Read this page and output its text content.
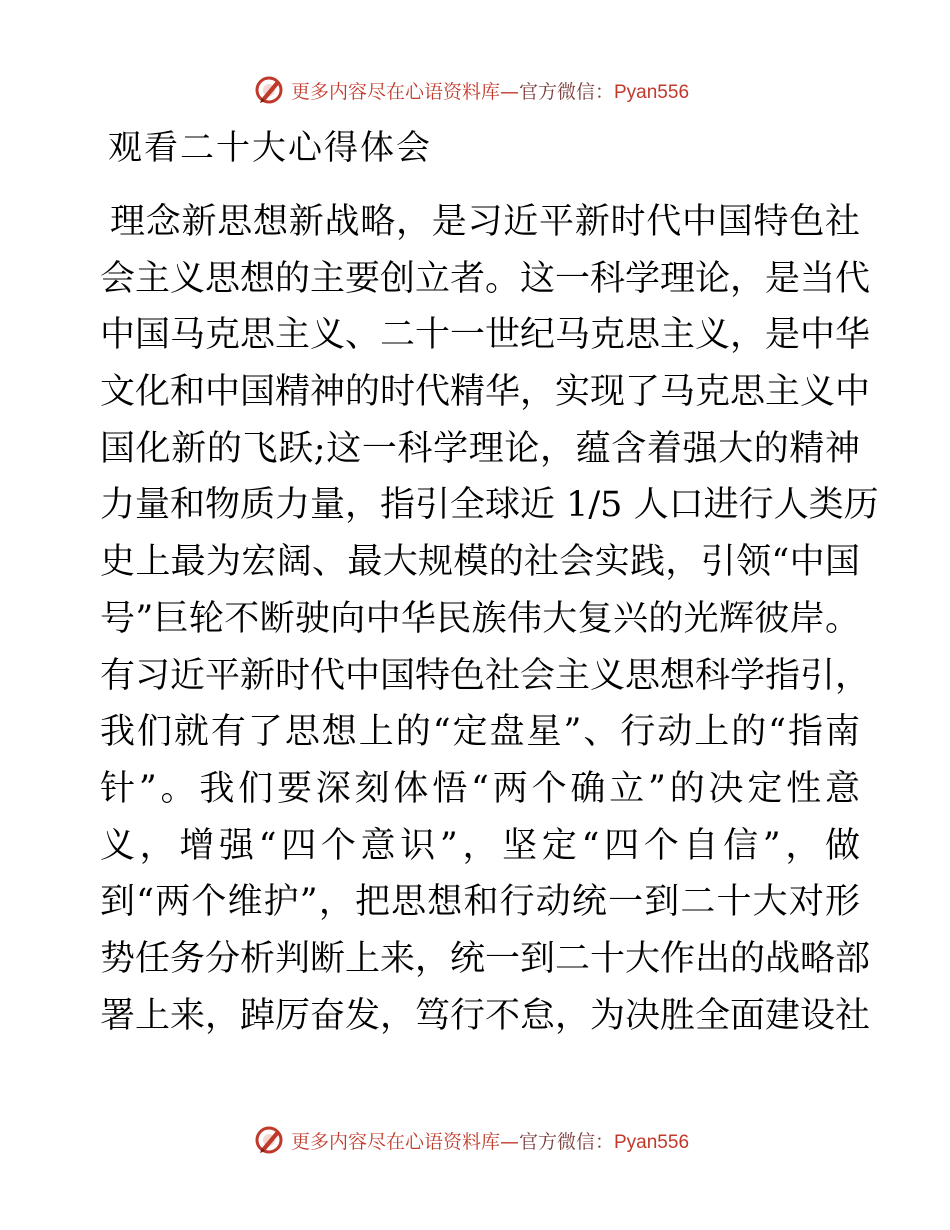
更多内容尽在心语资料库—官方微信：Pyan556
观看二十大心得体会
理念新思想新战略，是习近平新时代中国特色社
会主义思想的主要创立者。这一科学理论，是当代
中国马克思主义、二十一世纪马克思主义，是中华
文化和中国精神的时代精华，实现了马克思主义中
国化新的飞跃;这一科学理论，蕴含着强大的精神
力量和物质力量，指引全球近 1/5 人口进行人类历
史上最为宏阔、最大规模的社会实践，引领“中国
号”巨轮不断驶向中华民族伟大复兴的光辉彼岸。
有习近平新时代中国特色社会主义思想科学指引，
我们就有了思想上的“定盘星”、行动上的“指南
针”。我们要深刻体悟“两个确立”的决定性意
义，增强“四个意识”，坚定“四个自信”，做
到“两个维护”，把思想和行动统一到二十大对形
势任务分析判断上来，统一到二十大作出的战略部
署上来，踔厉奋发，笃行不怠，为决胜全面建设社
更多内容尽在心语资料库—官方微信：Pyan556
